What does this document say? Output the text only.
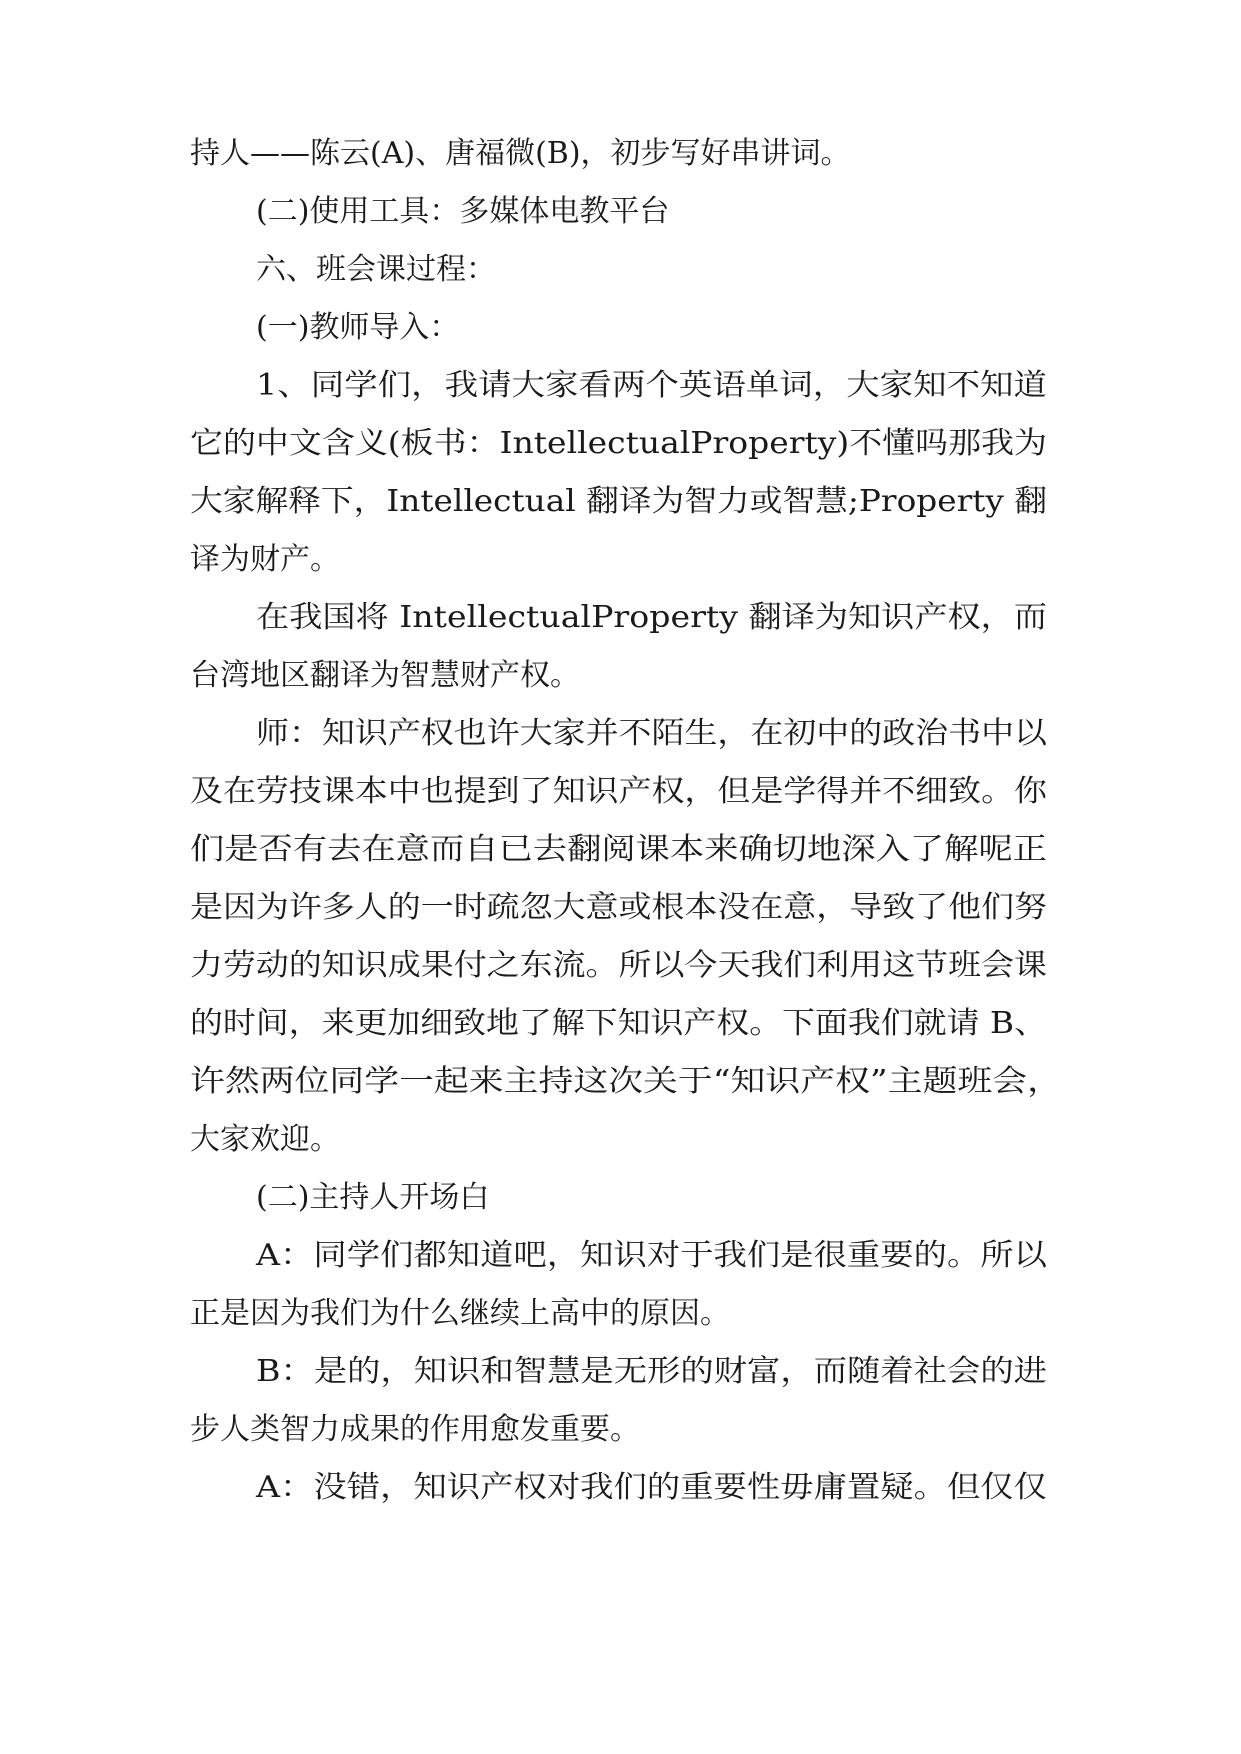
持人——陈云(A)、唐福微(B)，初步写好串讲词。

(二)使用工具：多媒体电教平台

六、班会课过程：

(一)教师导入：

1、同学们，我请大家看两个英语单词，大家知不知道

它的中文含义(板书：IntellectualProperty)不懂吗那我为

大家解释下，Intellectual 翻译为智力或智慧;Property 翻

译为财产。

在我国将 IntellectualProperty 翻译为知识产权，而

台湾地区翻译为智慧财产权。

师：知识产权也许大家并不陌生，在初中的政治书中以

及在劳技课本中也提到了知识产权，但是学得并不细致。你

们是否有去在意而自已去翻阅课本来确切地深入了解呢正

是因为许多人的一时疏忽大意或根本没在意，导致了他们努

力劳动的知识成果付之东流。所以今天我们利用这节班会课

的时间，来更加细致地了解下知识产权。下面我们就请 B、

许然两位同学一起来主持这次关于“知识产权”主题班会，

大家欢迎。

(二)主持人开场白

A：同学们都知道吧，知识对于我们是很重要的。所以

正是因为我们为什么继续上高中的原因。

B：是的，知识和智慧是无形的财富，而随着社会的进

步人类智力成果的作用愈发重要。

A：没错，知识产权对我们的重要性毋庸置疑。但仅仅
